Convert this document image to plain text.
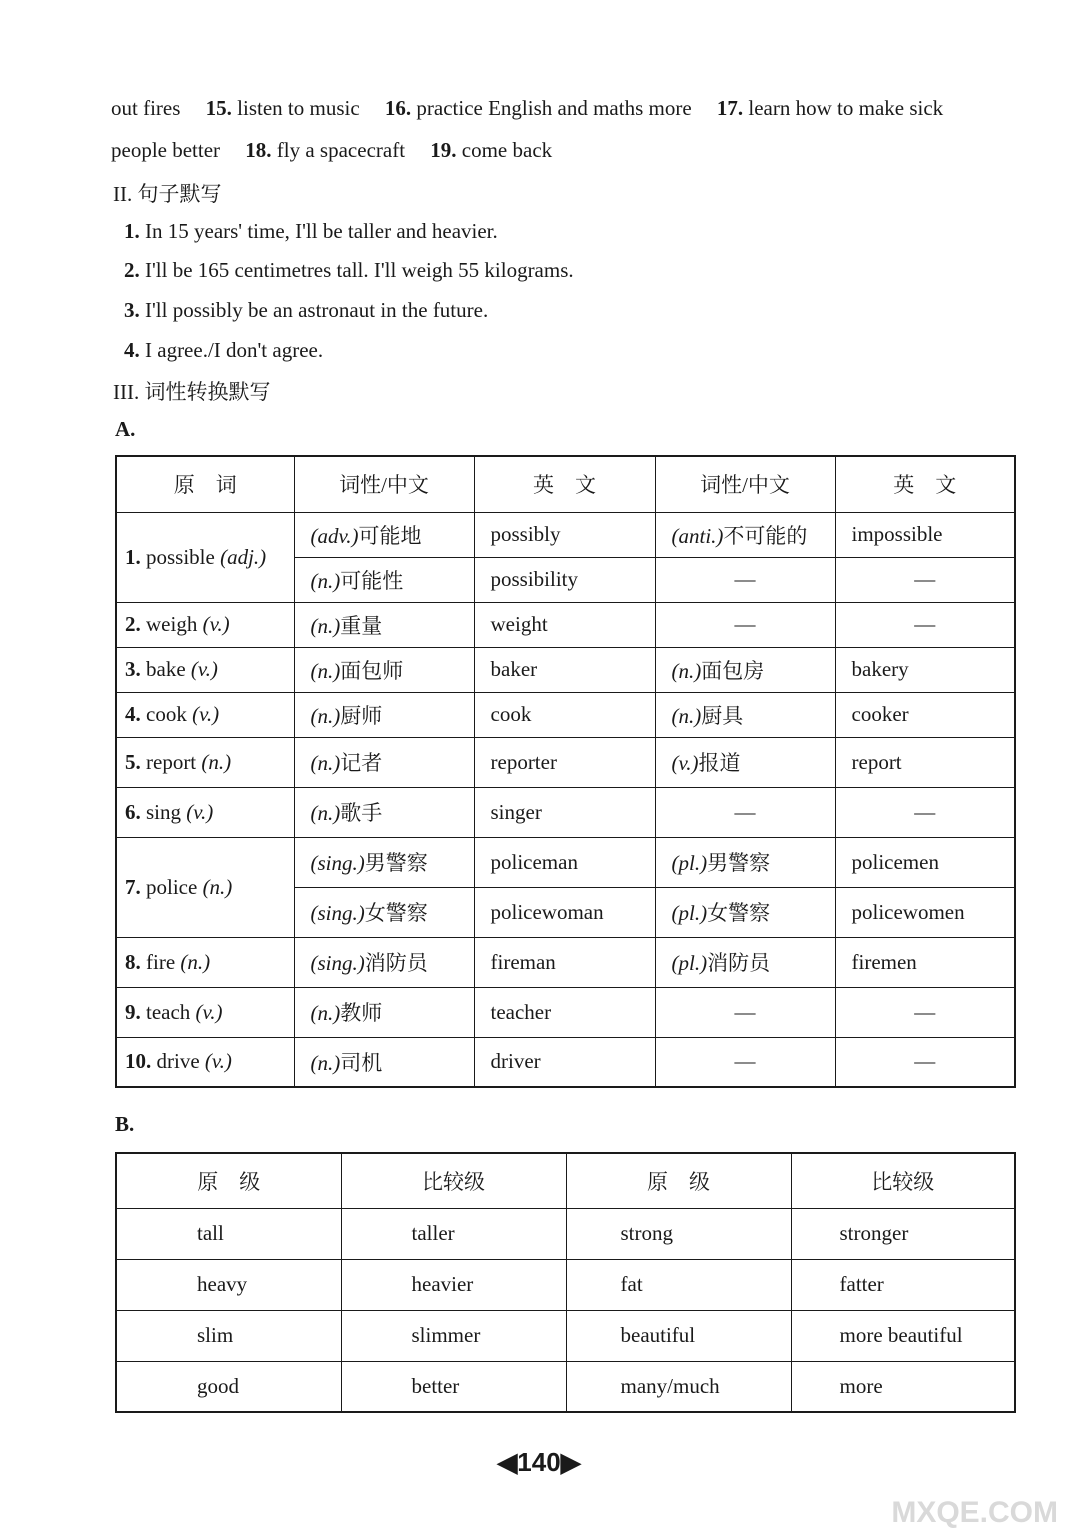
out fires 15. listen to music 16. practice English and maths more 17. learn how to make sick
people better 18. fly a spacecraft 19. come back
II. 句子默写
1. In 15 years' time, I'll be taller and heavier.
2. I'll be 165 centimetres tall. I'll weigh 55 kilograms.
3. I'll possibly be an astronaut in the future.
4. I agree./I don't agree.
III. 词性转换默写
A.
原　词	词性/中文	英　文	词性/中文	英　文
1. possible (adj.)	(adv.)可能地	possibly	(anti.)不可能的	impossible
	(n.)可能性	possibility	—	—
2. weigh (v.)	(n.)重量	weight	—	—
3. bake (v.)	(n.)面包师	baker	(n.)面包房	bakery
4. cook (v.)	(n.)厨师	cook	(n.)厨具	cooker
5. report (n.)	(n.)记者	reporter	(v.)报道	report
6. sing (v.)	(n.)歌手	singer	—	—
7. police (n.)	(sing.)男警察	policeman	(pl.)男警察	policemen
	(sing.)女警察	policewoman	(pl.)女警察	policewomen
8. fire (n.)	(sing.)消防员	fireman	(pl.)消防员	firemen
9. teach (v.)	(n.)教师	teacher	—	—
10. drive (v.)	(n.)司机	driver	—	—
B.
原　级	比较级	原　级	比较级
tall	taller	strong	stronger
heavy	heavier	fat	fatter
slim	slimmer	beautiful	more beautiful
good	better	many/much	more
◀140▶
MXQE.COM
